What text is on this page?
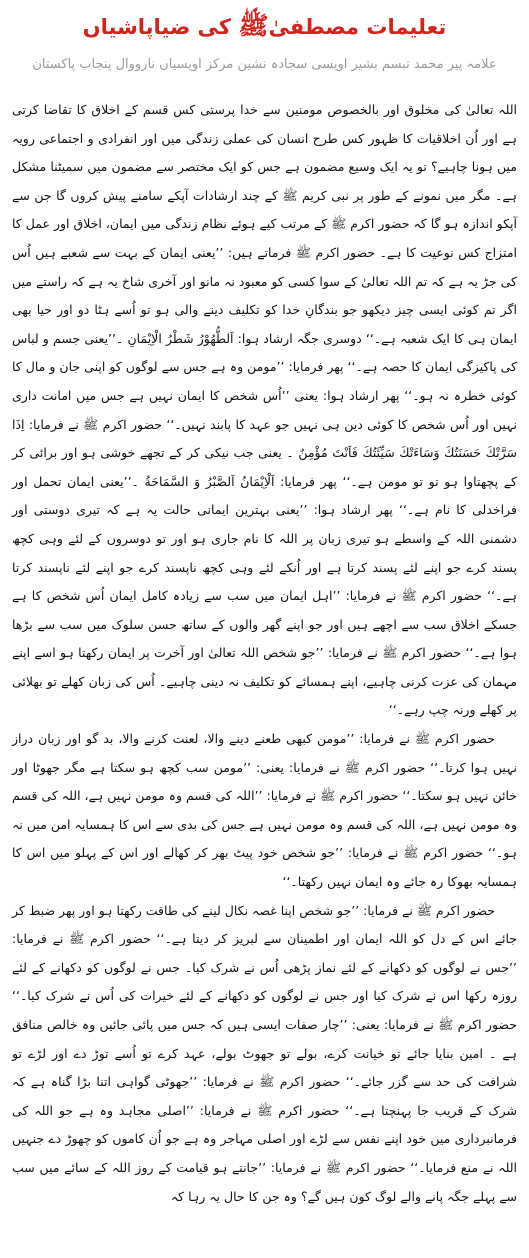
تعلیمات مصطفیٰﷺ کی ضیاپاشیاں
علامہ پیر محمد تبسم بشیر اویسی سجادہ نشین مرکز اویسیاں نارووال پنجاب پاکستان

اللہ تعالیٰ کی مخلوق اور بالخصوص مومنین سے خدا پرستی کس قسم کے اخلاق کا تقاضا کرتی ہے اور اُن اخلاقیات کا ظہور کس طرح انسان کی عملی زندگی میں اور انفرادی و اجتماعی رویہ میں ہونا چاہیے؟ تو یہ ایک وسیع مضمون ہے جس کو ایک مختصر سے مضمون میں سمیٹنا مشکل ہے۔ مگر میں نمونے کے طور پر نبی کریم ﷺ کے چند ارشادات آپکے سامنے پیش کروں گا جن سے آپکو اندازہ ہو گا کہ حضور اکرم ﷺ کے مرتب کیے ہوئے نظام زندگی میں ایمان، اخلاق اور عمل کا امتزاج کس نوعیت کا ہے۔ حضور اکرم ﷺ فرماتے ہیں: ’’یعنی ایمان کے بہت سے شعبے ہیں اُس کی جڑ یہ ہے کہ تم اللہ تعالیٰ کے سوا کسی کو معبود نہ مانو اور آخری شاخ یہ ہے کہ راستے میں اگر تم کوئی ایسی چیز دیکھو جو بندگانِ خدا کو تکلیف دینے والی ہو تو اُسے ہٹا دو اور حیا بھی ایمان ہی کا ایک شعبہ ہے۔‘‘ دوسری جگہ ارشاد ہوا: اَلطُّهُوْرُ شَطْرُ الْاِیْمَانِ ۔’’یعنی جسم و لباس کی پاکیزگی ایمان کا حصہ ہے۔‘‘ پھر فرمایا: ’’مومن وہ ہے جس سے لوگوں کو اپنی جان و مال کا کوئی خطرہ نہ ہو۔‘‘ پھر ارشاد ہوا: یعنی ’’اُس شخص کا ایمان نہیں ہے جس میں امانت داری نہیں اور اُس شخص کا کوئی دین ہی نہیں جو عہد کا پابند نہیں۔‘‘ حضور اکرم ﷺ نے فرمایا: اِذَا سَرَّتْكَ حَسَنَتُكَ وَسَاءَتْكَ سَيِّئَتُكَ فَاَنْتَ مُؤْمِنٌ ۔ یعنی جب نیکی کر کے تجھے خوشی ہو اور برائی کر کے پچھتاوا ہو تو تو مومن ہے۔‘‘ پھر فرمایا: اَلْاِیْمَانُ اَلصَّبْرُ وَ السَّمَاحَةُ ۔’’یعنی ایمان تحمل اور فراخدلی کا نام ہے۔‘‘ پھر ارشاد ہوا: ’’یعنی بہترین ایمانی حالت یہ ہے کہ تیری دوستی اور دشمنی اللہ کے واسطے ہو تیری زبان پر اللہ کا نام جاری ہو اور تو دوسروں کے لئے وہی کچھ پسند کرے جو اپنے لئے پسند کرتا ہے اور اُنکے لئے وہی کچھ ناپسند کرے جو اپنے لئے ناپسند کرتا ہے۔‘‘ حضور اکرم ﷺ نے فرمایا: ’’اہل ایمان میں سب سے زیادہ کامل ایمان اُس شخص کا ہے جسکے اخلاق سب سے اچھے ہیں اور جو اپنے گھر والوں کے ساتھ حسن سلوک میں سب سے بڑھا ہوا ہے۔‘‘ حضور اکرم ﷺ نے فرمایا: ’’جو شخص اللہ تعالیٰ اور آخرت پر ایمان رکھتا ہو اسے اپنے مہمان کی عزت کرنی چاہیے، اپنے ہمسائے کو تکلیف نہ دینی چاہیے۔ اُس کی زبان کھلے تو بھلائی پر کھلے ورنہ چپ رہے۔‘‘

حضور اکرم ﷺ نے فرمایا: ’’مومن کبھی طعنے دینے والا، لعنت کرنے والا، بد گو اور زبان دراز نہیں ہوا کرتا۔‘‘ حضور اکرم ﷺ نے فرمایا: یعنی: ’’مومن سب کچھ ہو سکتا ہے مگر جھوٹا اور خائن نہیں ہو سکتا۔‘‘ حضور اکرم ﷺ نے فرمایا: ’’اللہ کی قسم وہ مومن نہیں ہے، اللہ کی قسم وہ مومن نہیں ہے، اللہ کی قسم وہ مومن نہیں ہے جس کی بدی سے اس کا ہمسایہ امن میں نہ ہو۔‘‘ حضور اکرم ﷺ نے فرمایا: ’’جو شخص خود پیٹ بھر کر کھالے اور اس کے پہلو میں اس کا ہمسایہ بھوکا رہ جائے وہ ایمان نہیں رکھتا۔‘‘

حضور اکرم ﷺ نے فرمایا: ’’جو شخص اپنا غصہ نکال لینے کی طاقت رکھتا ہو اور پھر ضبط کر جائے اس کے دل کو اللہ ایمان اور اطمینان سے لبریز کر دیتا ہے۔‘‘ حضور اکرم ﷺ نے فرمایا: ’’جس نے لوگوں کو دکھانے کے لئے نماز پڑھی اُس نے شرک کیا۔ جس نے لوگوں کو دکھانے کے لئے روزہ رکھا اس نے شرک کیا اور جس نے لوگوں کو دکھانے کے لئے خیرات کی اُس نے شرک کیا۔‘‘ حضور اکرم ﷺ نے فرمایا: یعنی: ’’چار صفات ایسی ہیں کہ جس میں پائی جائیں وہ خالص منافق ہے ۔ امین بنایا جائے تو خیانت کرے، بولے تو جھوٹ بولے، عہد کرے تو اُسے توڑ دے اور لڑے تو شرافت کی حد سے گزر جائے۔‘‘ حضور اکرم ﷺ نے فرمایا: ’’جھوٹی گواہی اتنا بڑا گناہ ہے کہ شرک کے قریب جا پہنچتا ہے۔‘‘ حضور اکرم ﷺ نے فرمایا: ’’اصلی مجاہد وہ ہے جو اللہ کی فرمانبرداری میں خود اپنے نفس سے لڑے اور اصلی مہاجر وہ ہے جو اُن کاموں کو چھوڑ دے جنہیں اللہ نے منع فرمایا۔‘‘ حضور اکرم ﷺ نے فرمایا: ’’جانتے ہو قیامت کے روز اللہ کے سائے میں سب سے پہلے جگہ پانے والے لوگ کون ہیں گے؟ وہ جن کا حال یہ رہا کہ
